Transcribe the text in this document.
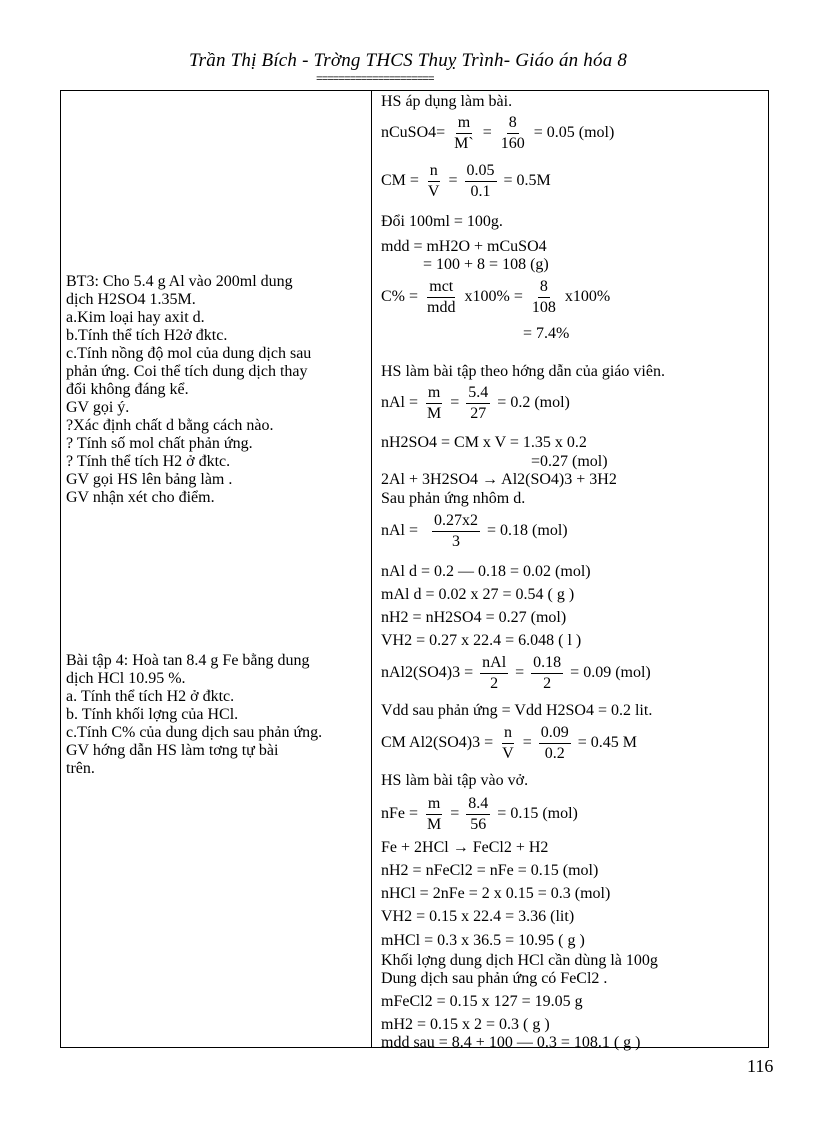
Trần Thị Bích - Trờng THCS Thuỵ Trình- Giáo án hóa 8
=====================

BT3: Cho 5.4 g Al vào 200ml dung

dịch H2SO4 1.35M.

a.Kim loại hay axit d.

b.Tính thể tích H2ở đktc.

c.Tính nồng độ mol của dung dịch sau

phản ứng. Coi thể tích dung dịch thay

đổi không đáng kể.

GV gọi ý.

?Xác định chất d bằng cách nào.

? Tính số mol chất phản ứng.

? Tính thể tích H2 ở đktc.

GV gọi HS lên bảng làm .

GV nhận xét cho điểm.

Bài tập 4: Hoà tan 8.4 g Fe bằng dung

dịch HCl 10.95 %.

a. Tính thể tích H2 ở đktc.

b. Tính khối lợng của HCl.

c.Tính C% của dung dịch sau phản ứng.

GV hớng dẫn HS làm tơng tự bài

trên.

HS áp dụng làm bài.
nCuSO4= $\frac{m}{M`} = \frac{8}{160} = 0.05$ (mol)
CM = $\frac{n}{V} = \frac{0.05}{0.1} = 0.5M$
Đổi 100ml = 100g.
mdd = mH2O + mCuSO4
= 100 + 8 = 108 (g)
C% =
mct
mdd
$x100\% = \frac{8}{108} x100\%$
= 7.4%
HS làm bài tập theo hớng dẫn của giáo viên.
nAl = $\frac{m}{M} = \frac{5.4}{27} = 0.2$ (mol)
nH2SO4 = CM x V = 1.35 x 0.2
=0.27 (mol)
2Al + 3H2SO4 → Al2(SO4)3 + 3H2
Sau phản ứng nhôm d.
nAl = $\frac{0.27x2}{3} = 0.18$ (mol)
nAl d = 0.2 — 0.18 = 0.02 (mol)
mAl d = 0.02 x 27 = 0.54 ( g )
nH2 = nH2SO4 = 0.27 (mol)
VH2 = 0.27 x 22.4 = 6.048 ( l )
nAl2(SO4)3 =
nAl
2
= $\frac{0.18}{2} = 0.09$ (mol)
Vdd sau phản ứng = Vdd H2SO4 = 0.2 lit.
CM $Al2(SO4)3 = \frac{n}{V} = \frac{0.09}{0.2} = 0.45$ M
HS làm bài tập vào vở.
nFe = $\frac{m}{M} = \frac{8.4}{56} = 0.15$ (mol)
Fe + 2HCl → FeCl2 + H2
nH2 = nFeCl2 = nFe = 0.15 (mol)
nHCl = 2nFe = 2 x 0.15 = 0.3 (mol)
VH2 = 0.15 x 22.4 = 3.36 (lit)
mHCl = 0.3 x 36.5 = 10.95 ( g )
Khối lợng dung dịch HCl cần dùng là 100g
Dung dịch sau phản ứng có FeCl2 .
mFeCl2 = 0.15 x 127 = 19.05 g
mH2 = 0.15 x 2 = 0.3 ( g )
mdd sau = 8.4 + 100 — 0.3 = 108.1 ( g )
116
